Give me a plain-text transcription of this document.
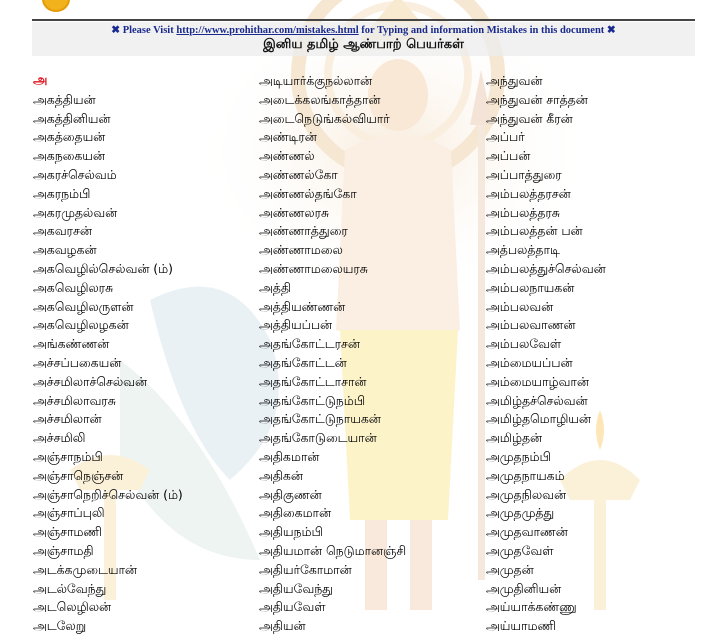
✖ Please Visit http://www.prohithar.com/mistakes.html for Typing and information Mistakes in this document ✖
இனிய தமிழ் ஆண்பாற் பெயர்கள்
அ
அகத்தியன்
அகத்தினியன்
அகத்தையன்
அகநகையன்
அகரச்செல்வம்
அகரநம்பி
அகரமுதல்வன்
அகவரசன்
அகவழகன்
அகவெழில்செல்வன் (ம்)
அகவெழிலரசு
அகவெழிலருளன்
அகவெழிலழகன்
அங்கண்ணன்
அச்சப்பகையன்
அச்சமிலாச்செல்வன்
அச்சமிலாவரசு
அச்சமிலான்
அச்சமிலி
அஞ்சாநம்பி
அஞ்சாநெஞ்சன்
அஞ்சாநெறிச்செல்வன் (ம்)
அஞ்சாப்புலி
அஞ்சாமணி
அஞ்சாமதி
அடக்கமுடையான்
அடல்வேந்து
அடலெழிலன்
அடலேறு
அடியார்க்குநல்லான்
அடைக்கலங்காத்தான்
அடைநெடுங்கல்வியார்
அண்டிரன்
அண்ணல்
அண்ணல்கோ
அண்ணல்தங்கோ
அண்ணலரசு
அண்ணாத்துரை
அண்ணாமலை
அண்ணாமலையரசு
அத்தி
அத்தியண்ணன்
அத்தியப்பன்
அதங்கோட்டரசன்
அதங்கோட்டன்
அதங்கோட்டாசான்
அதங்கோட்டுநம்பி
அதங்கோட்டுநாயகன்
அதங்கோடுடையான்
அதிகமான்
அதிகன்
அதிகுணன்
அதிகைமான்
அதியநம்பி
அதியமான் நெடுமானஞ்சி
அதியர்கோமான்
அதியவேந்து
அதியவேள்
அதியன்
அந்துவன்
அந்துவன் சாத்தன்
அந்துவன் கீரன்
அப்பர்
அப்பன்
அப்பாத்துரை
அம்பலத்தரசன்
அம்பலத்தரசு
அம்பலத்தன் பன்
அத்பலத்தாடி
அம்பலத்துச்செல்வன்
அம்பலநாயகன்
அம்பலவன்
அம்பலவாணன்
அம்பலவேள்
அம்மையப்பன்
அம்மையாழ்வான்
அமிழ்தச்செல்வன்
அமிழ்தமொழியன்
அமிழ்தன்
அமுதநம்பி
அமுதநாயகம்
அமுதநிலவன்
அமுதமுத்து
அமுதவாணன்
அமுதவேள்
அமுதன்
அமுதினியன்
அய்யாக்கண்ணு
அய்யாமணி
